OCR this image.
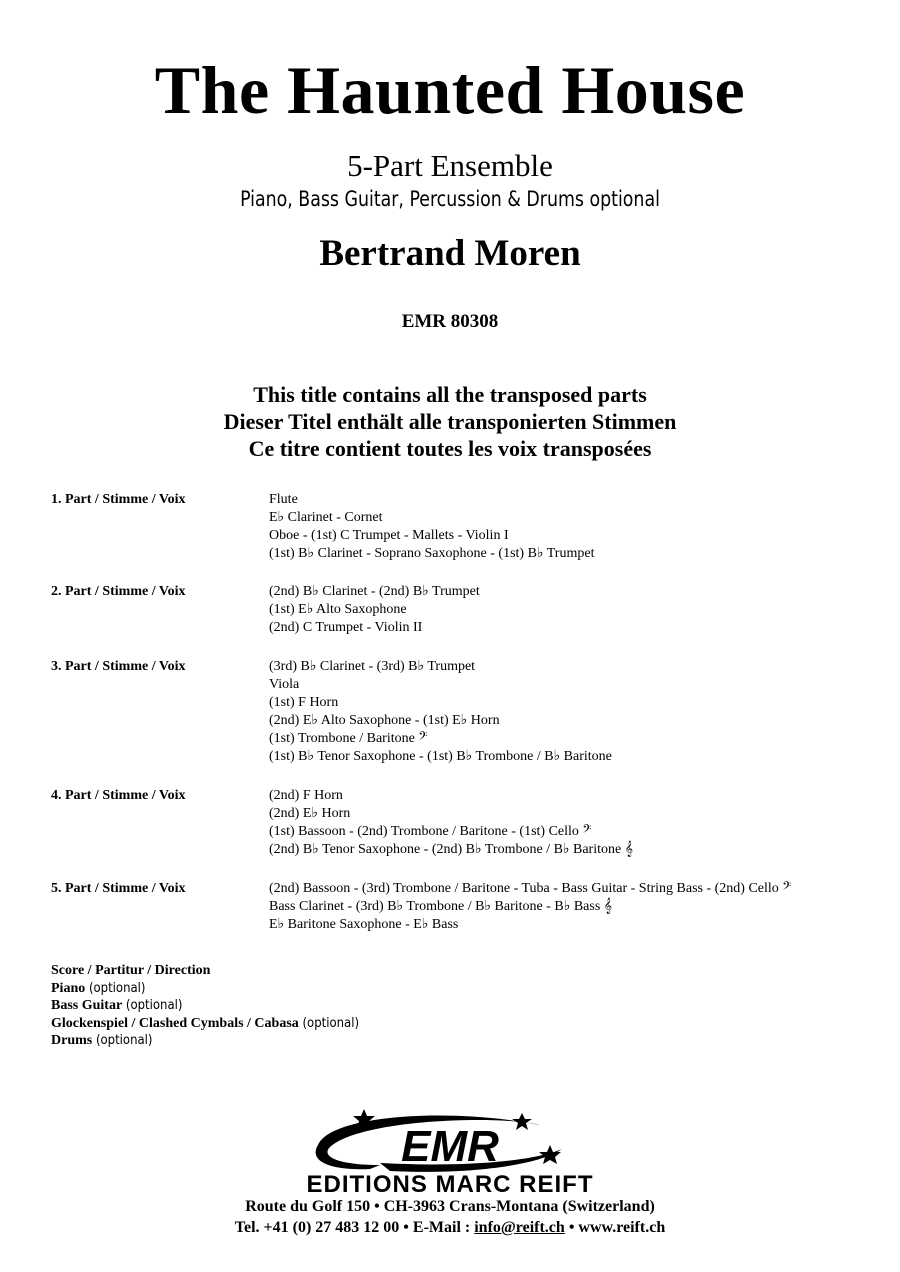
The Haunted House
5-Part Ensemble
Piano, Bass Guitar, Percussion & Drums optional
Bertrand Moren
EMR 80308
This title contains all the transposed parts
Dieser Titel enthält alle transponierten Stimmen
Ce titre contient toutes les voix transposées
1. Part / Stimme / Voix	Flute
E♭ Clarinet - Cornet
Oboe - (1st) C Trumpet - Mallets - Violin I
(1st) B♭ Clarinet - Soprano Saxophone - (1st) B♭ Trumpet
2. Part / Stimme / Voix	(2nd) B♭ Clarinet - (2nd) B♭ Trumpet
(1st) E♭ Alto Saxophone
(2nd) C Trumpet - Violin II
3. Part / Stimme / Voix	(3rd) B♭ Clarinet - (3rd) B♭ Trumpet
Viola
(1st) F Horn
(2nd) E♭ Alto Saxophone - (1st) E♭ Horn
(1st) Trombone / Baritone 𝄢
(1st) B♭ Tenor Saxophone - (1st) B♭ Trombone / B♭ Baritone
4. Part / Stimme / Voix	(2nd) F Horn
(2nd) E♭ Horn
(1st) Bassoon - (2nd) Trombone / Baritone - (1st) Cello 𝄢
(2nd) B♭ Tenor Saxophone - (2nd) B♭ Trombone / B♭ Baritone 𝄞
5. Part / Stimme / Voix	(2nd) Bassoon - (3rd) Trombone / Baritone - Tuba - Bass Guitar - String Bass - (2nd) Cello 𝄢
Bass Clarinet - (3rd) B♭ Trombone / B♭ Baritone - B♭ Bass 𝄞
E♭ Baritone Saxophone - E♭ Bass
Score / Partitur / Direction
Piano (optional)
Bass Guitar (optional)
Glockenspiel / Clashed Cymbals / Cabasa (optional)
Drums (optional)
EMR
EDITIONS MARC REIFT
Route du Golf 150 • CH-3963 Crans-Montana (Switzerland)
Tel. +41 (0) 27 483 12 00 • E-Mail : info@reift.ch • www.reift.ch
